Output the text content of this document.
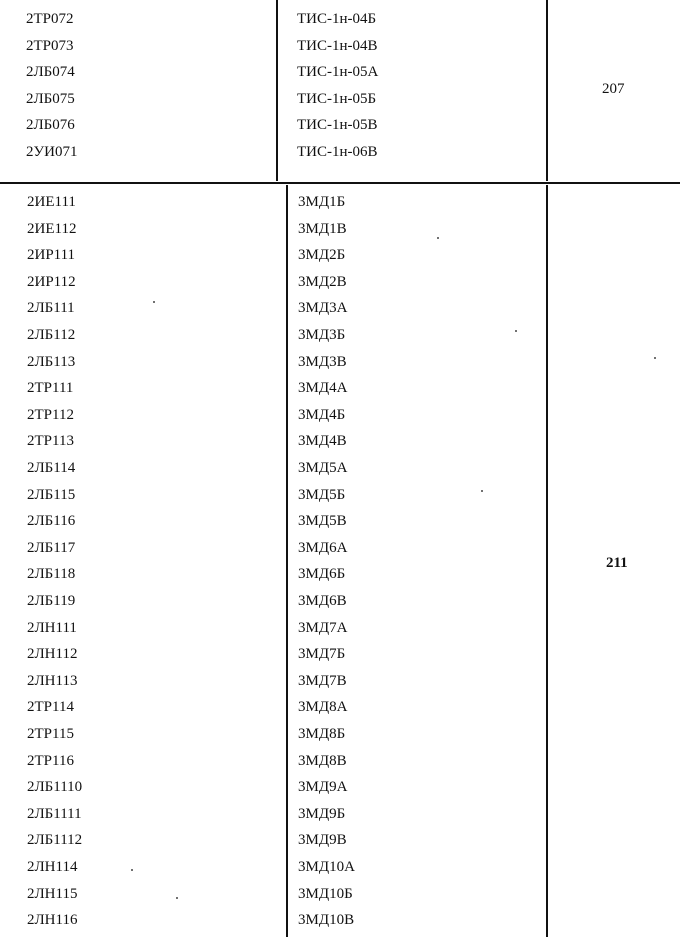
2ТР072	ТИС-1н-04Б
2ТР073	ТИС-1н-04В
2ЛБ074	ТИС-1н-05А
2ЛБ075	ТИС-1н-05Б
2ЛБ076	ТИС-1н-05В
2УИ071	ТИС-1н-06В
207
2ИЕ111	3МД1Б
2ИЕ112	3МД1В
2ИР111	3МД2Б
2ИР112	3МД2В
2ЛБ111	3МД3А
2ЛБ112	3МД3Б
2ЛБ113	3МД3В
2ТР111	3МД4А
2ТР112	3МД4Б
2ТР113	3МД4В
2ЛБ114	3МД5А
2ЛБ115	3МД5Б
2ЛБ116	3МД5В
2ЛБ117	3МД6А
2ЛБ118	3МД6Б
2ЛБ119	3МД6В
2ЛН111	3МД7А
2ЛН112	3МД7Б
2ЛН113	3МД7В
2ТР114	3МД8А
2ТР115	3МД8Б
2ТР116	3МД8В
2ЛБ1110	3МД9А
2ЛБ1111	3МД9Б
2ЛБ1112	3МД9В
2ЛН114	3МД10А
2ЛН115	3МД10Б
2ЛН116	3МД10В
211
